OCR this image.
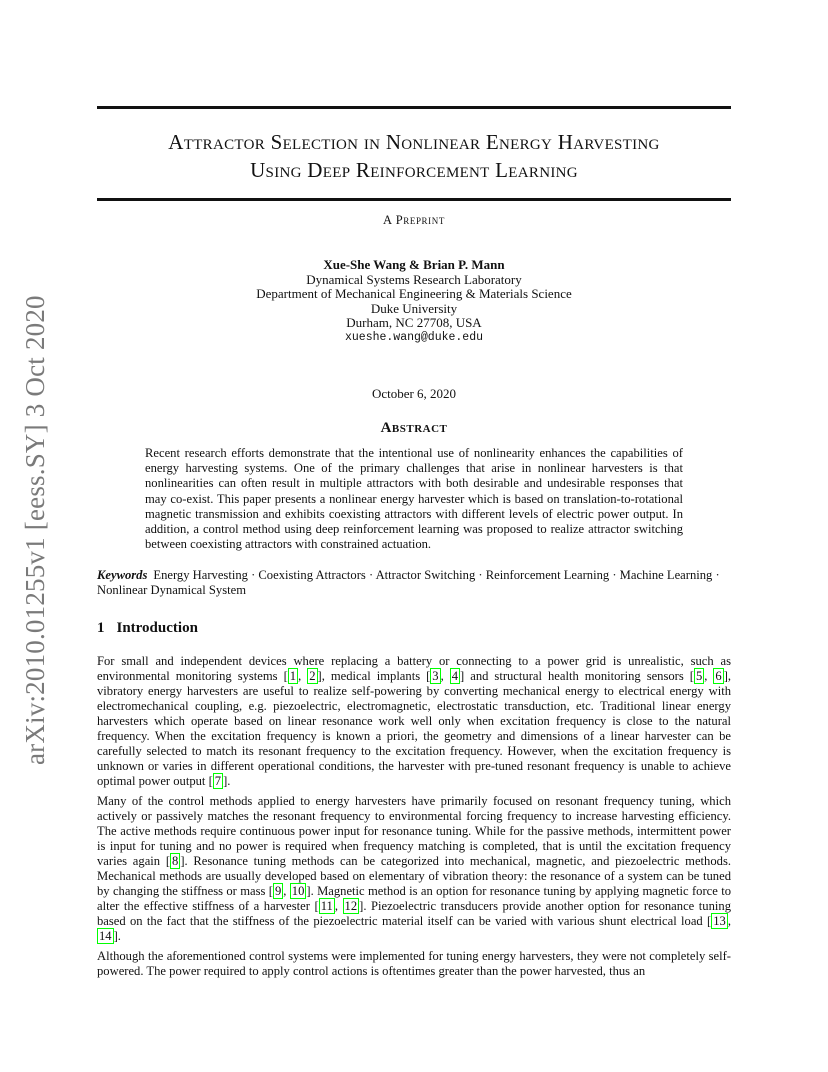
arXiv:2010.01255v1 [eess.SY] 3 Oct 2020
Attractor Selection in Nonlinear Energy Harvesting
Using Deep Reinforcement Learning
A Preprint
Xue-She Wang & Brian P. Mann
Dynamical Systems Research Laboratory
Department of Mechanical Engineering & Materials Science
Duke University
Durham, NC 27708, USA
xueshe.wang@duke.edu
October 6, 2020
Abstract
Recent research efforts demonstrate that the intentional use of nonlinearity enhances the capabilities of energy harvesting systems. One of the primary challenges that arise in nonlinear harvesters is that nonlinearities can often result in multiple attractors with both desirable and undesirable responses that may co-exist. This paper presents a nonlinear energy harvester which is based on translation-to-rotational magnetic transmission and exhibits coexisting attractors with different levels of electric power output. In addition, a control method using deep reinforcement learning was proposed to realize attractor switching between coexisting attractors with constrained actuation.
Keywords Energy Harvesting · Coexisting Attractors · Attractor Switching · Reinforcement Learning · Machine Learning · Nonlinear Dynamical System
1 Introduction
For small and independent devices where replacing a battery or connecting to a power grid is unrealistic, such as environmental monitoring systems [ 1 , 2 ], medical implants [ 3 , 4 ] and structural health monitoring sensors [ 5 , 6 ], vibratory energy harvesters are useful to realize self-powering by converting mechanical energy to electrical energy with electromechanical coupling, e.g. piezoelectric, electromagnetic, electrostatic transduction, etc. Traditional linear energy harvesters which operate based on linear resonance work well only when excitation frequency is close to the natural frequency. When the excitation frequency is known a priori, the geometry and dimensions of a linear harvester can be carefully selected to match its resonant frequency to the excitation frequency. However, when the excitation frequency is unknown or varies in different operational conditions, the harvester with pre-tuned resonant frequency is unable to achieve optimal power output [ 7 ].
Many of the control methods applied to energy harvesters have primarily focused on resonant frequency tuning, which actively or passively matches the resonant frequency to environmental forcing frequency to increase harvesting efficiency. The active methods require continuous power input for resonance tuning. While for the passive methods, intermittent power is input for tuning and no power is required when frequency matching is completed, that is until the excitation frequency varies again [ 8 ]. Resonance tuning methods can be categorized into mechanical, magnetic, and piezoelectric methods. Mechanical methods are usually developed based on elementary of vibration theory: the resonance of a system can be tuned by changing the stiffness or mass [ 9 , 10 ]. Magnetic method is an option for resonance tuning by applying magnetic force to alter the effective stiffness of a harvester [ 11 , 12 ]. Piezoelectric transducers provide another option for resonance tuning based on the fact that the stiffness of the piezoelectric material itself can be varied with various shunt electrical load [ 13 , 14 ].
Although the aforementioned control systems were implemented for tuning energy harvesters, they were not completely self-powered. The power required to apply control actions is oftentimes greater than the power harvested, thus an
